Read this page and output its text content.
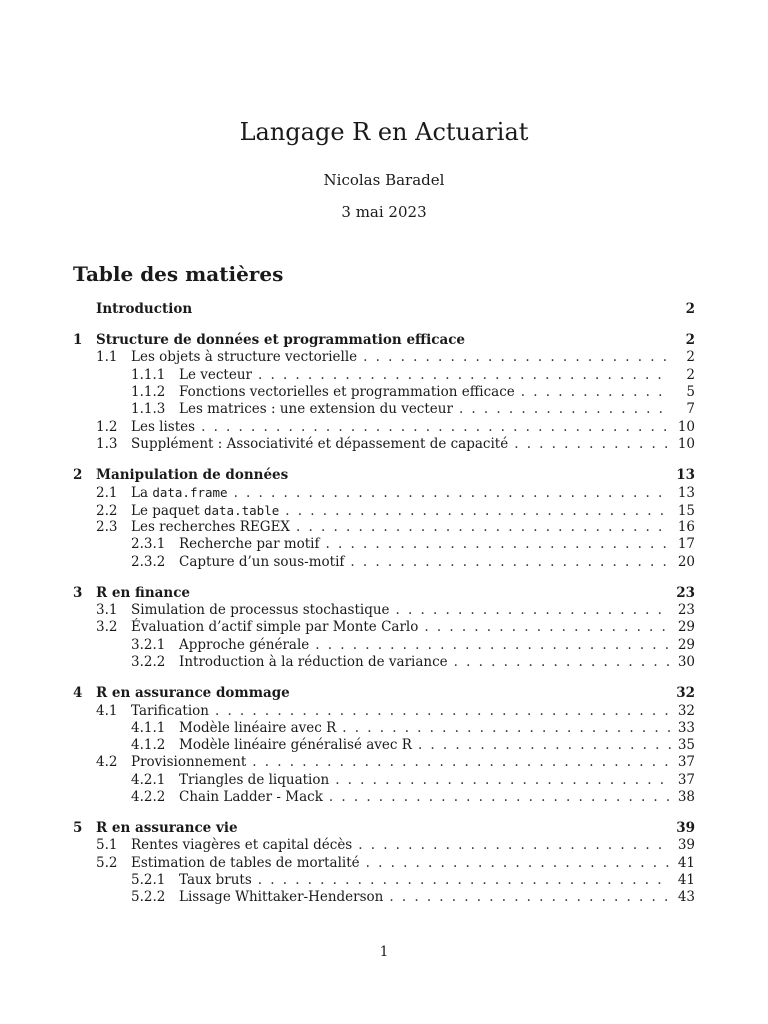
Langage R en Actuariat
Nicolas Baradel
3 mai 2023
Table des matières
Introduction	2
1	Structure de données et programmation efficace	2
1.1	Les objets à structure vectorielle . . .	2
1.1.1	Le vecteur . . .	2
1.1.2	Fonctions vectorielles et programmation efficace . . .	5
1.1.3	Les matrices : une extension du vecteur . . .	7
1.2	Les listes . . .	10
1.3	Supplément : Associativité et dépassement de capacité . . .	10
2	Manipulation de données	13
2.1	La data.frame . . .	13
2.2	Le paquet data.table . . .	15
2.3	Les recherches REGEX . . .	16
2.3.1	Recherche par motif . . .	17
2.3.2	Capture d’un sous-motif . . .	20
3	R en finance	23
3.1	Simulation de processus stochastique . . .	23
3.2	Évaluation d’actif simple par Monte Carlo . . .	29
3.2.1	Approche générale . . .	29
3.2.2	Introduction à la réduction de variance . . .	30
4	R en assurance dommage	32
4.1	Tarification . . .	32
4.1.1	Modèle linéaire avec R . . .	33
4.1.2	Modèle linéaire généralisé avec R . . .	35
4.2	Provisionnement . . .	37
4.2.1	Triangles de liquation . . .	37
4.2.2	Chain Ladder - Mack . . .	38
5	R en assurance vie	39
5.1	Rentes viagères et capital décès . . .	39
5.2	Estimation de tables de mortalité . . .	41
5.2.1	Taux bruts . . .	41
5.2.2	Lissage Whittaker-Henderson . . .	43
1
